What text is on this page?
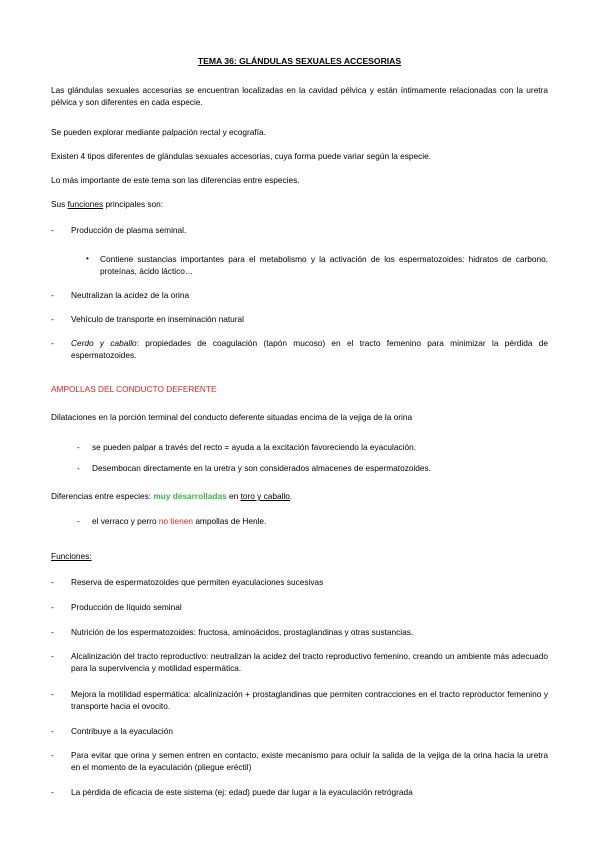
TEMA 36: GLÁNDULAS SEXUALES ACCESORIAS
Las glándulas sexuales accesorias se encuentran localizadas en la cavidad pélvica y están íntimamente relacionadas con la uretra pélvica y son diferentes en cada especie.
Se pueden explorar mediante palpación rectal y ecografía.
Existen 4 tipos diferentes de glándulas sexuales accesorias, cuya forma puede variar según la especie.
Lo más importante de este tema son las diferencias entre especies.
Sus funciones principales son:
- Producción de plasma seminal.
•	Contiene sustancias importantes para el metabolismo y la activación de los espermatozoides: hidratos de carbono, proteínas, ácido láctico…
- Neutralizan la acidez de la orina
- Vehículo de transporte en inseminación natural
- Cerdo y caballo: propiedades de coagulación (tapón mucoso) en el tracto femenino para minimizar la pérdida de espermatozoides.
AMPOLLAS DEL CONDUCTO DEFERENTE
Dilataciones en la porción terminal del conducto deferente situadas encima de la vejiga de la orina
- se pueden palpar a través del recto = ayuda a la excitación favoreciendo la eyaculación.
- Desembocan directamente en la uretra y son considerados almacenes de espermatozoides.
Diferencias entre especies: muy desarrolladas en toro y caballo.
- el verraco y perro no tienen ampollas de Henle.
Funciones:
- Reserva de espermatozoides que permiten eyaculaciones sucesivas
- Producción de líquido seminal
- Nutrición de los espermatozoides: fructosa, aminoácidos, prostaglandinas y otras sustancias.
- Alcalinización del tracto reproductivo: neutralizan la acidez del tracto reproductivo femenino, creando un ambiente más adecuado para la supervivencia y motilidad espermática.
- Mejora la motilidad espermática: alcalinización + prostaglandinas que permiten contracciones en el tracto reproductor femenino y transporte hacia el ovocito.
- Contribuye a la eyaculación
- Para evitar que orina y semen entren en contacto, existe mecanismo para ocluir la salida de la vejiga de la orina hacia la uretra en el momento de la eyaculación (pliegue eréctil)
- La pérdida de eficacia de este sistema (ej: edad) puede dar lugar a la eyaculación retrógrada
